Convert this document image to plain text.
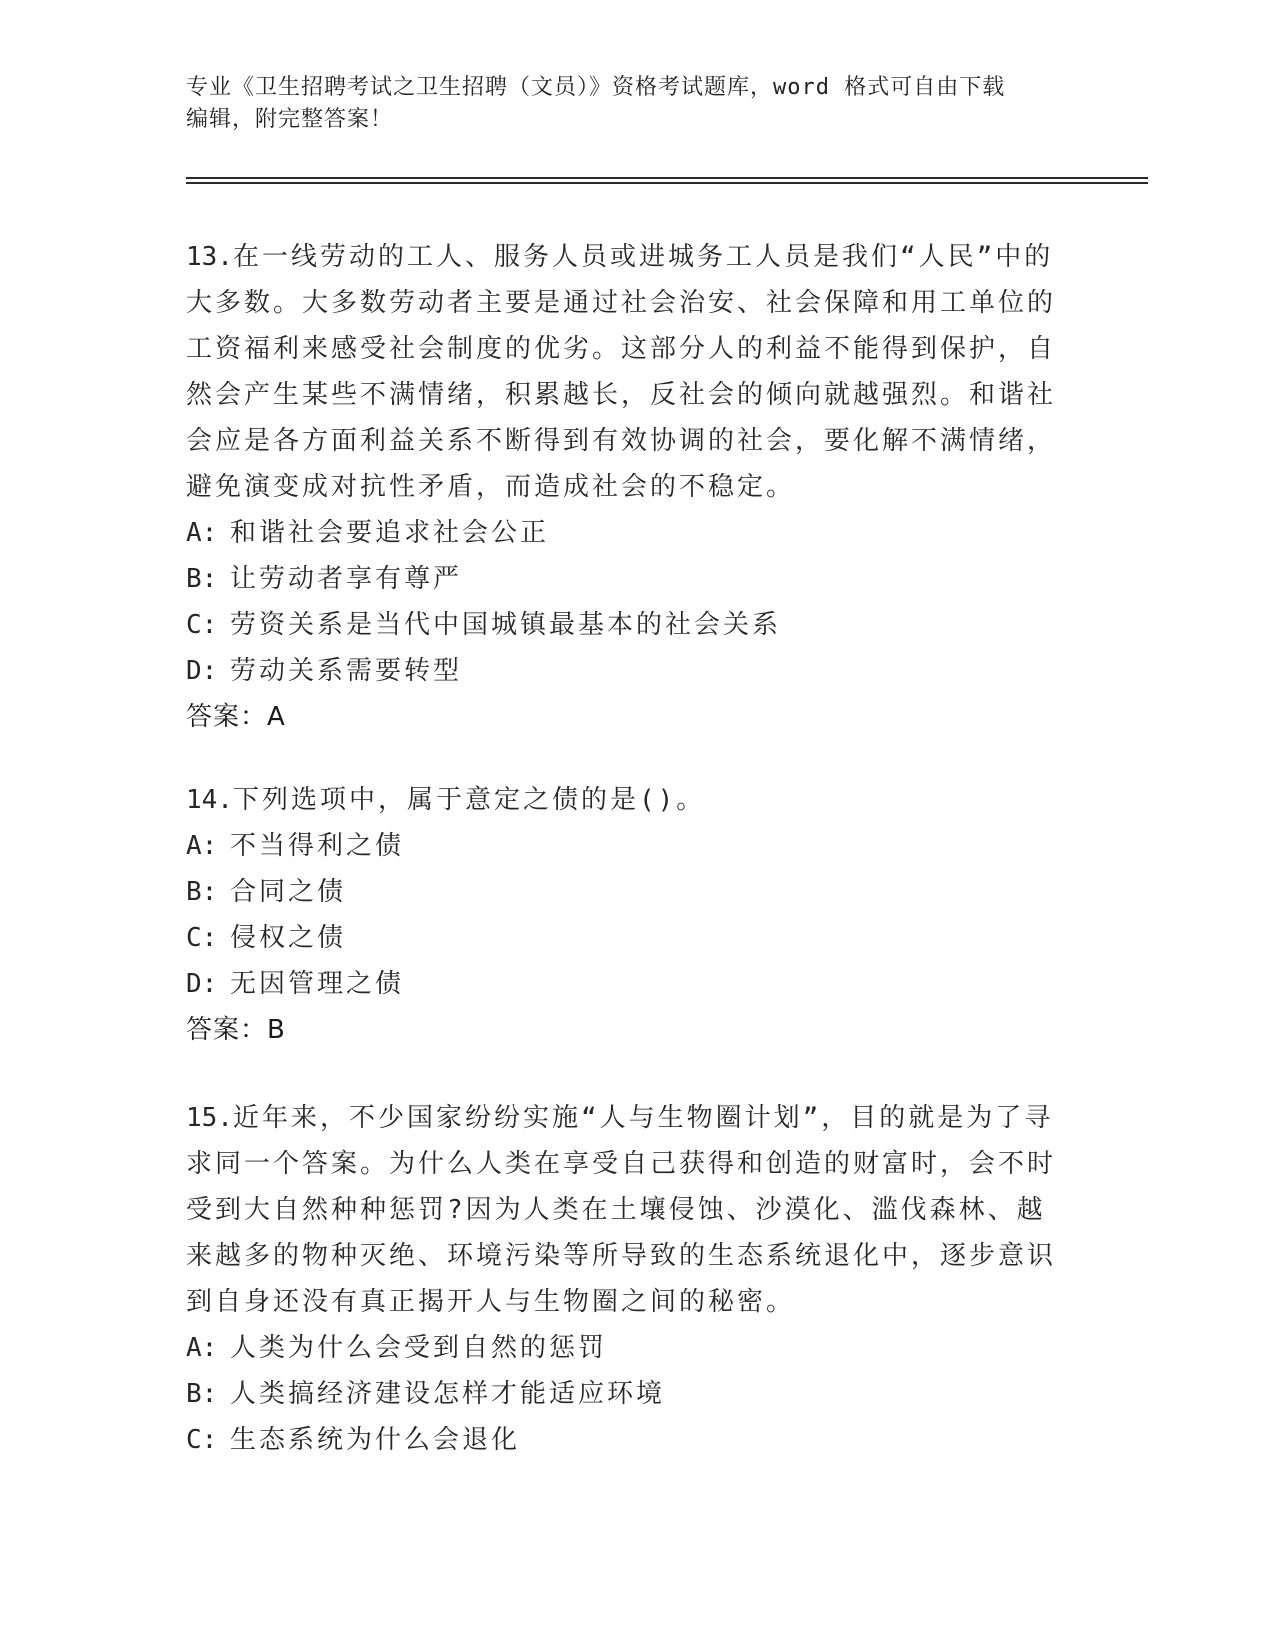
专业《卫生招聘考试之卫生招聘（文员）》资格考试题库，word 格式可自由下载
编辑，附完整答案！

13.在一线劳动的工人、服务人员或进城务工人员是我们“人民”中的大多数。大多数劳动者主要是通过社会治安、社会保障和用工单位的工资福利来感受社会制度的优劣。这部分人的利益不能得到保护，自然会产生某些不满情绪，积累越长，反社会的倾向就越强烈。和谐社会应是各方面利益关系不断得到有效协调的社会，要化解不满情绪，避免演变成对抗性矛盾，而造成社会的不稳定。

A: 和谐社会要追求社会公正

B: 让劳动者享有尊严

C: 劳资关系是当代中国城镇最基本的社会关系

D: 劳动关系需要转型

答案：A

14.下列选项中，属于意定之债的是()。

A: 不当得利之债

B: 合同之债

C: 侵权之债

D: 无因管理之债

答案：B

15.近年来，不少国家纷纷实施“人与生物圈计划”，目的就是为了寻求同一个答案。为什么人类在享受自己获得和创造的财富时，会不时受到大自然种种惩罚?因为人类在土壤侵蚀、沙漠化、滥伐森林、越来越多的物种灭绝、环境污染等所导致的生态系统退化中，逐步意识到自身还没有真正揭开人与生物圈之间的秘密。

A: 人类为什么会受到自然的惩罚

B: 人类搞经济建设怎样才能适应环境

C: 生态系统为什么会退化
